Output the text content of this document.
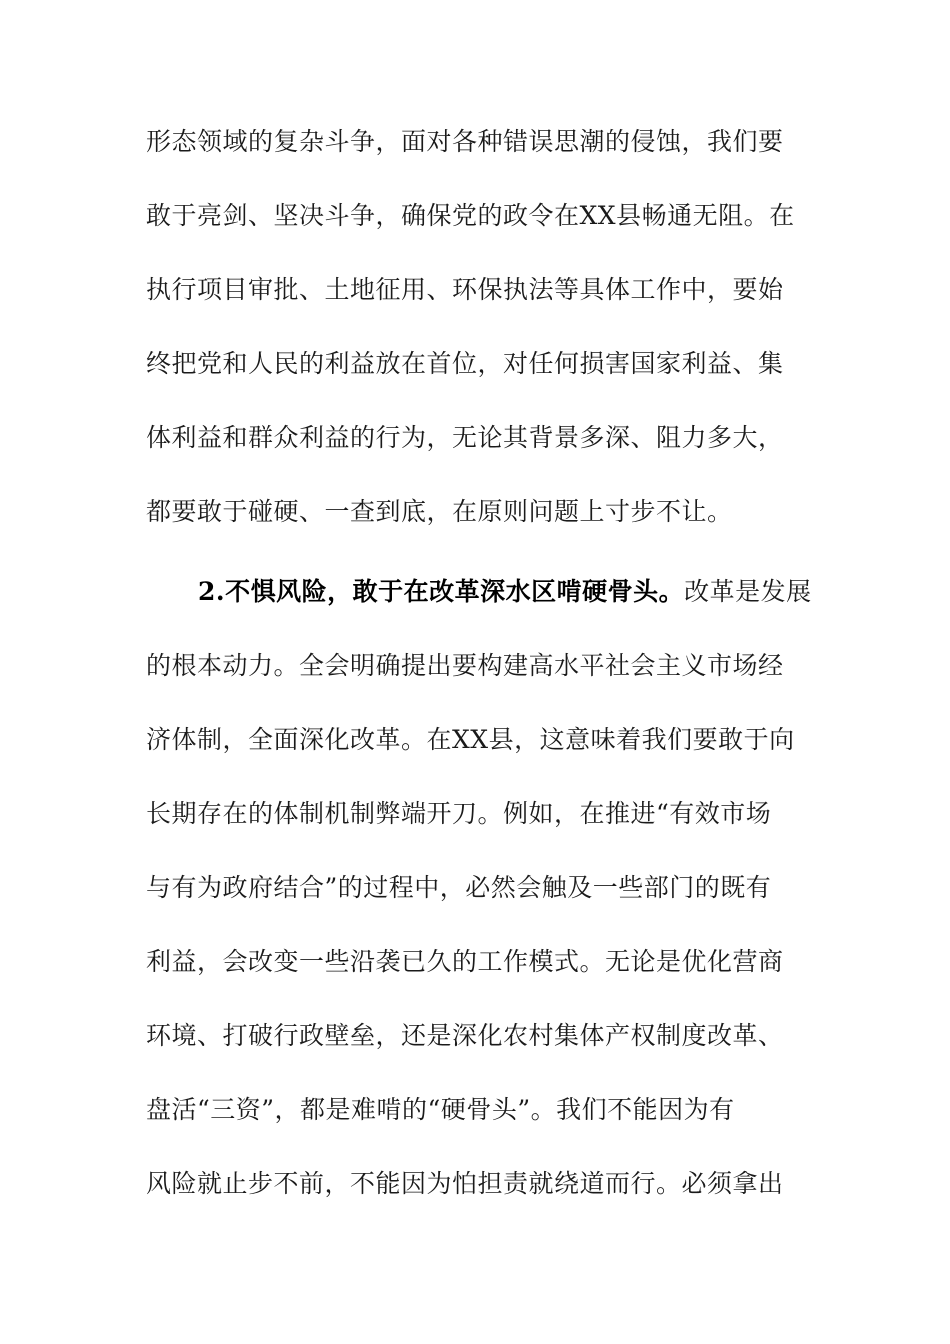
形态领域的复杂斗争，面对各种错误思潮的侵蚀，我们要
敢于亮剑、坚决斗争，确保党的政令在XX县畅通无阻。在
执行项目审批、土地征用、环保执法等具体工作中，要始
终把党和人民的利益放在首位，对任何损害国家利益、集
体利益和群众利益的行为，无论其背景多深、阻力多大，
都要敢于碰硬、一查到底，在原则问题上寸步不让。
2.不惧风险，敢于在改革深水区啃硬骨头。改革是发展
的根本动力。全会明确提出要构建高水平社会主义市场经
济体制，全面深化改革。在XX县，这意味着我们要敢于向
长期存在的体制机制弊端开刀。例如，在推进“有效市场
与有为政府结合”的过程中，必然会触及一些部门的既有
利益，会改变一些沿袭已久的工作模式。无论是优化营商
环境、打破行政壁垒，还是深化农村集体产权制度改革、
盘活“三资”，都是难啃的“硬骨头”。我们不能因为有
风险就止步不前，不能因为怕担责就绕道而行。必须拿出
